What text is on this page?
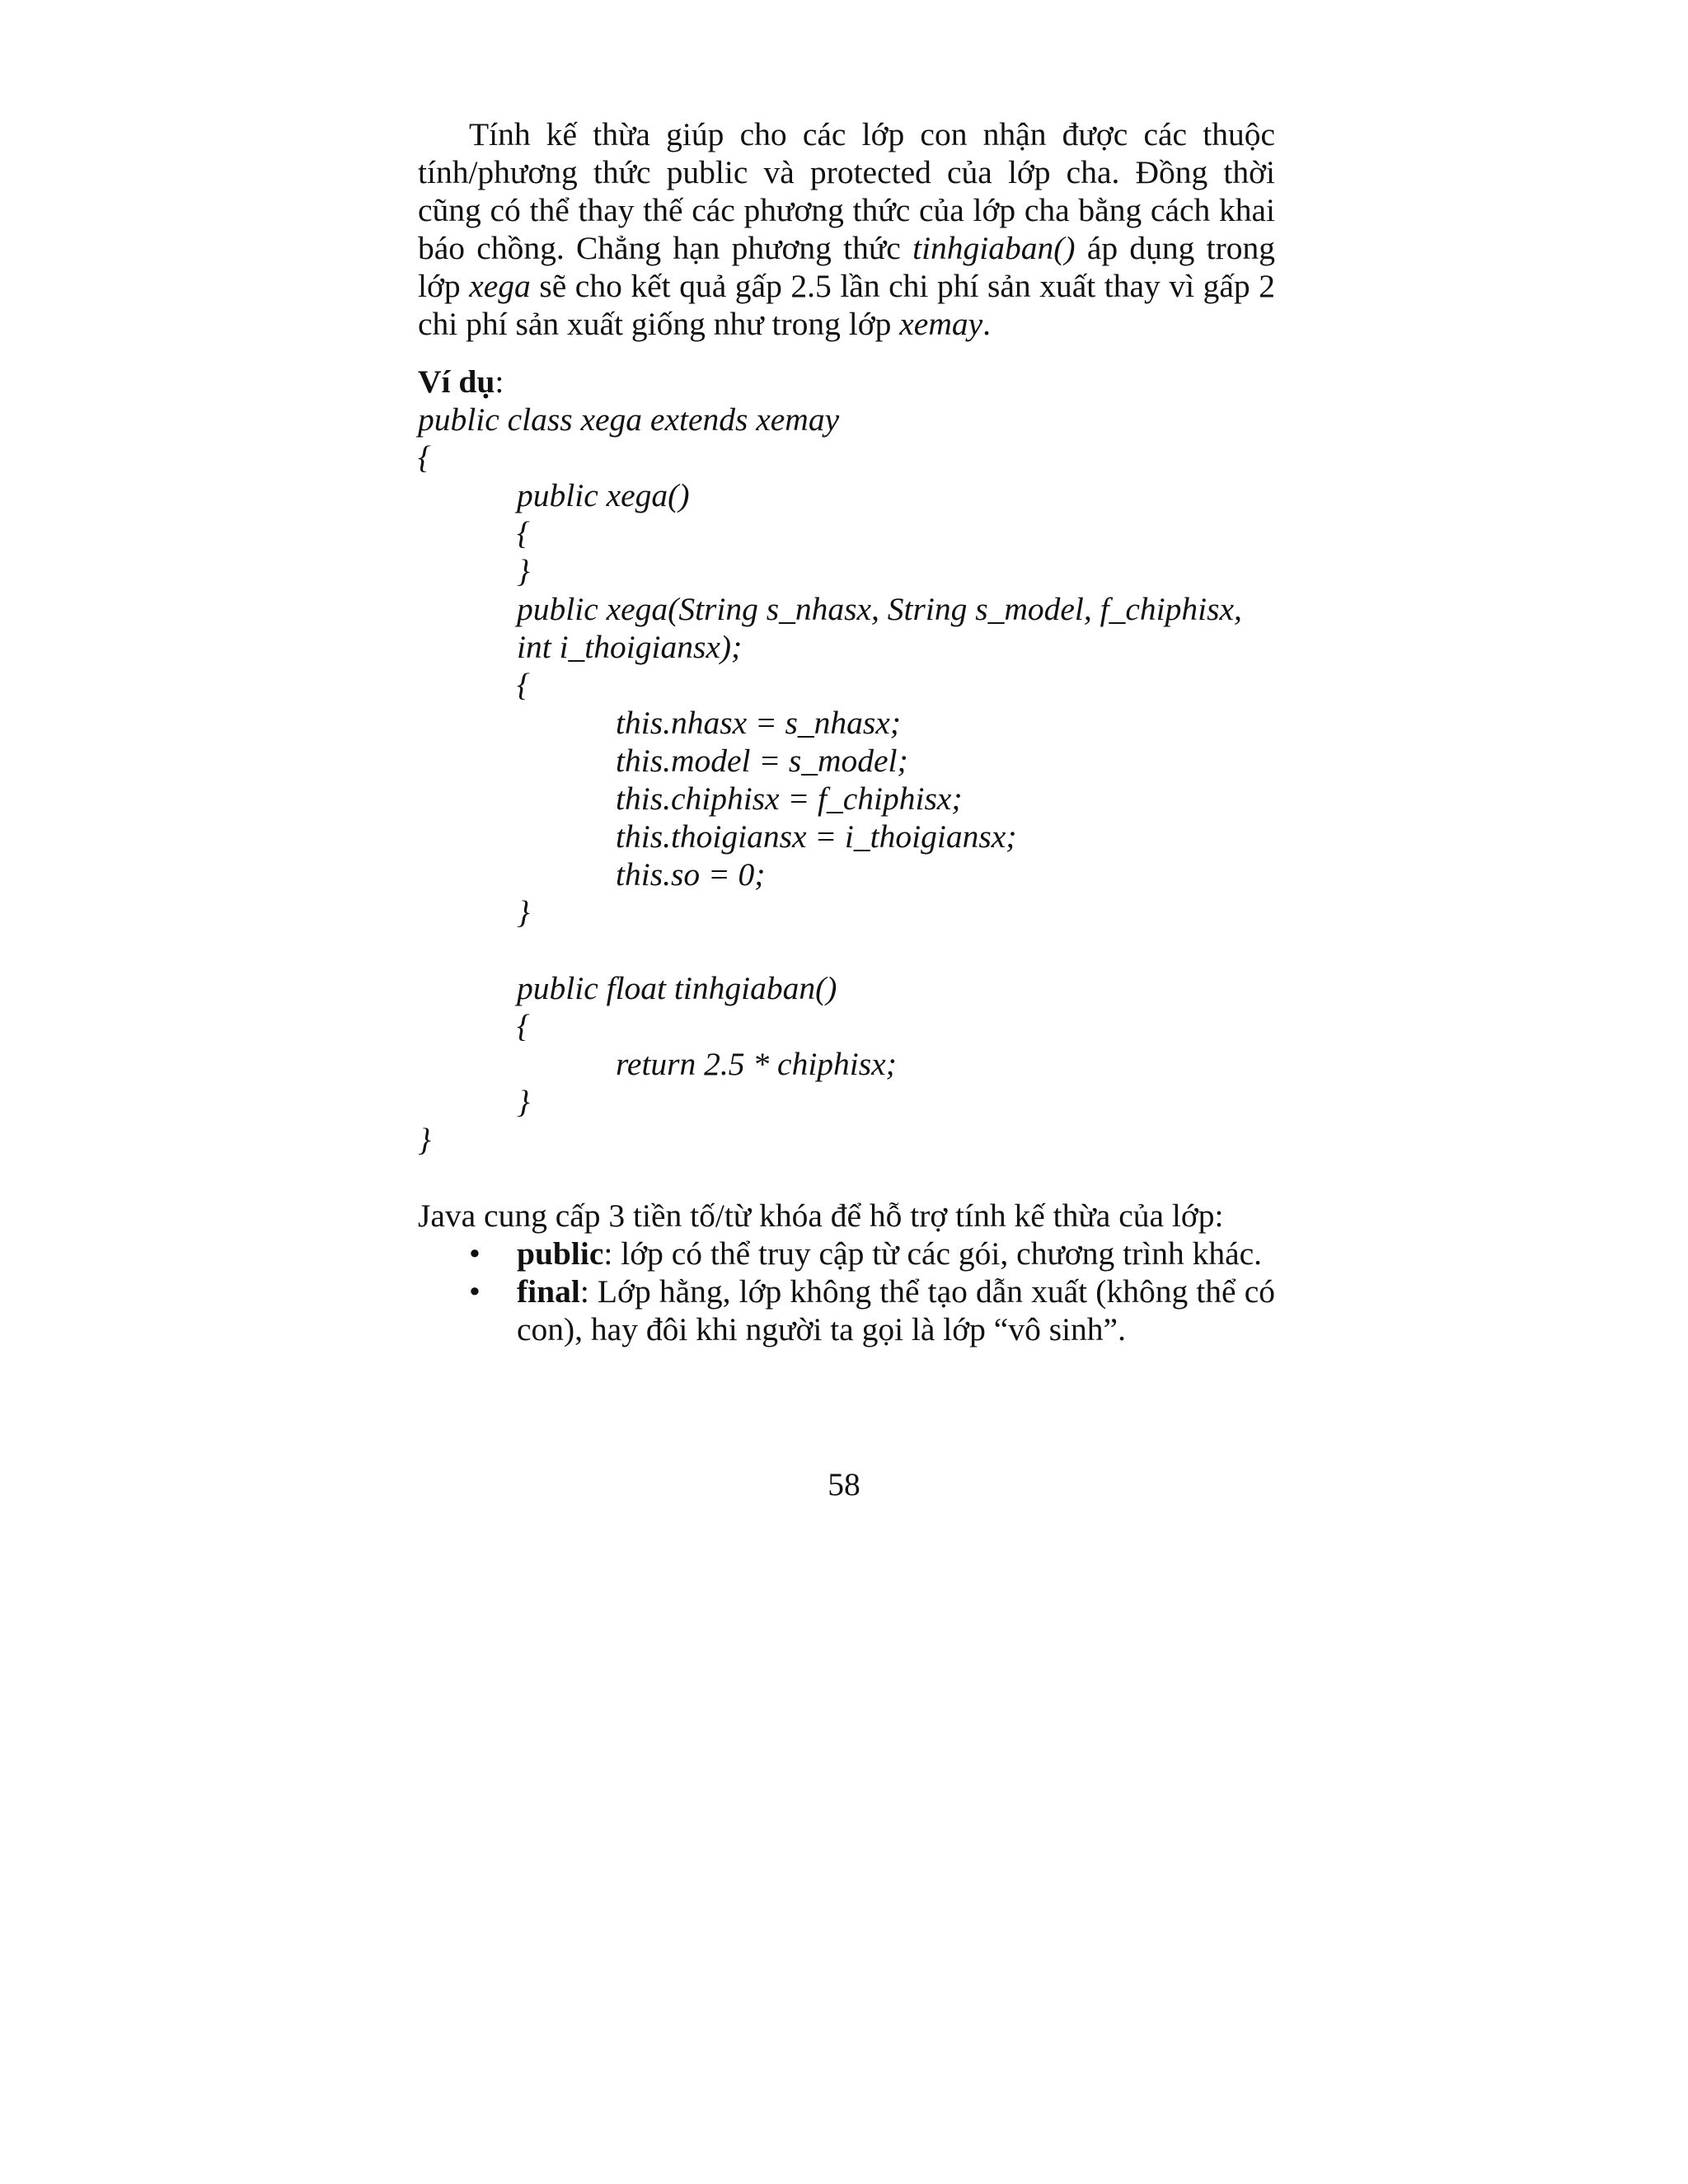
Tính kế thừa giúp cho các lớp con nhận được các thuộc tính/phương thức public và protected của lớp cha. Đồng thời cũng có thể thay thế các phương thức của lớp cha bằng cách khai báo chồng. Chẳng hạn phương thức tinhgiaban() áp dụng trong lớp xega sẽ cho kết quả gấp 2.5 lần chi phí sản xuất thay vì gấp 2 chi phí sản xuất giống như trong lớp xemay.

Ví dụ:

public class xega extends xemay
{
public xega()
{
}
public xega(String s_nhasx, String s_model, f_chiphisx,
int i_thoigiansx);
{
this.nhasx = s_nhasx;
this.model = s_model;
this.chiphisx = f_chiphisx;
this.thoigiansx = i_thoigiansx;
this.so = 0;
}
public float tinhgiaban()
{
return 2.5 * chiphisx;
}
}

Java cung cấp 3 tiền tố/từ khóa để hỗ trợ tính kế thừa của lớp:

• public: lớp có thể truy cập từ các gói, chương trình khác.
• final: Lớp hằng, lớp không thể tạo dẫn xuất (không thể có con), hay đôi khi người ta gọi là lớp “vô sinh”.
58
